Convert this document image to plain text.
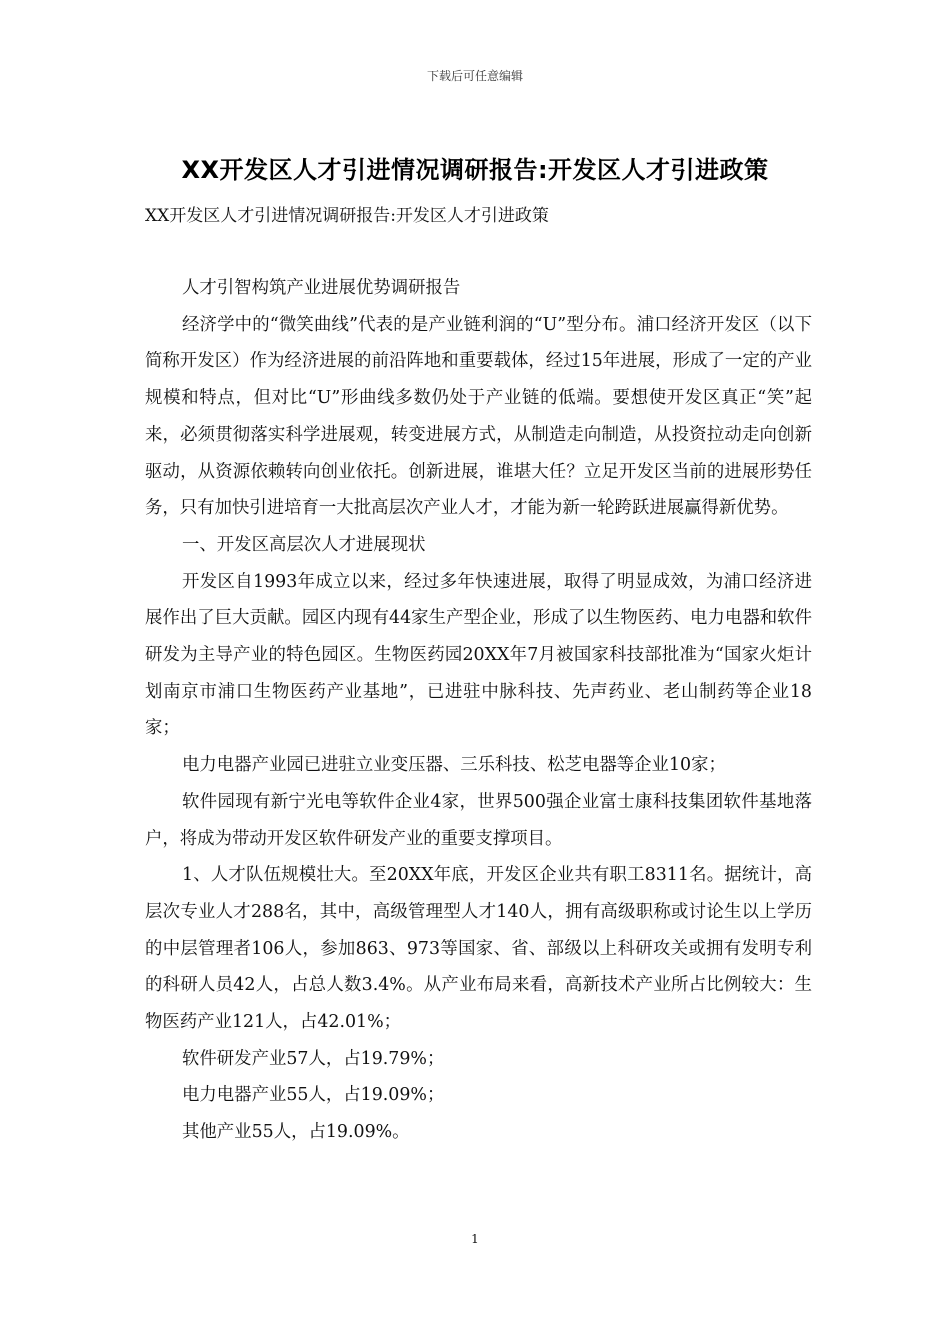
下载后可任意编辑
XX开发区人才引进情况调研报告:开发区人才引进政策
XX开发区人才引进情况调研报告:开发区人才引进政策

人才引智构筑产业进展优势调研报告

经济学中的“微笑曲线”代表的是产业链利润的“U”型分布。浦口经济开发区（以下简称开发区）作为经济进展的前沿阵地和重要载体，经过15年进展，形成了一定的产业规模和特点，但对比“U”形曲线多数仍处于产业链的低端。要想使开发区真正“笑”起来，必须贯彻落实科学进展观，转变进展方式，从制造走向制造，从投资拉动走向创新驱动，从资源依赖转向创业依托。创新进展，谁堪大任？立足开发区当前的进展形势任务，只有加快引进培育一大批高层次产业人才，才能为新一轮跨跃进展赢得新优势。

一、开发区高层次人才进展现状

开发区自1993年成立以来，经过多年快速进展，取得了明显成效，为浦口经济进展作出了巨大贡献。园区内现有44家生产型企业，形成了以生物医药、电力电器和软件研发为主导产业的特色园区。生物医药园20XX年7月被国家科技部批准为“国家火炬计划南京市浦口生物医药产业基地”，已进驻中脉科技、先声药业、老山制药等企业18家；

电力电器产业园已进驻立业变压器、三乐科技、松芝电器等企业10家；

软件园现有新宁光电等软件企业4家，世界500强企业富士康科技集团软件基地落户，将成为带动开发区软件研发产业的重要支撑项目。

1、人才队伍规模壮大。至20XX年底，开发区企业共有职工8311名。据统计，高层次专业人才288名，其中，高级管理型人才140人，拥有高级职称或讨论生以上学历的中层管理者106人，参加863、973等国家、省、部级以上科研攻关或拥有发明专利的科研人员42人，占总人数3.4%。从产业布局来看，高新技术产业所占比例较大：生物医药产业121人，占42.01%；

软件研发产业57人，占19.79%；

电力电器产业55人，占19.09%；

其他产业55人，占19.09%。

1
